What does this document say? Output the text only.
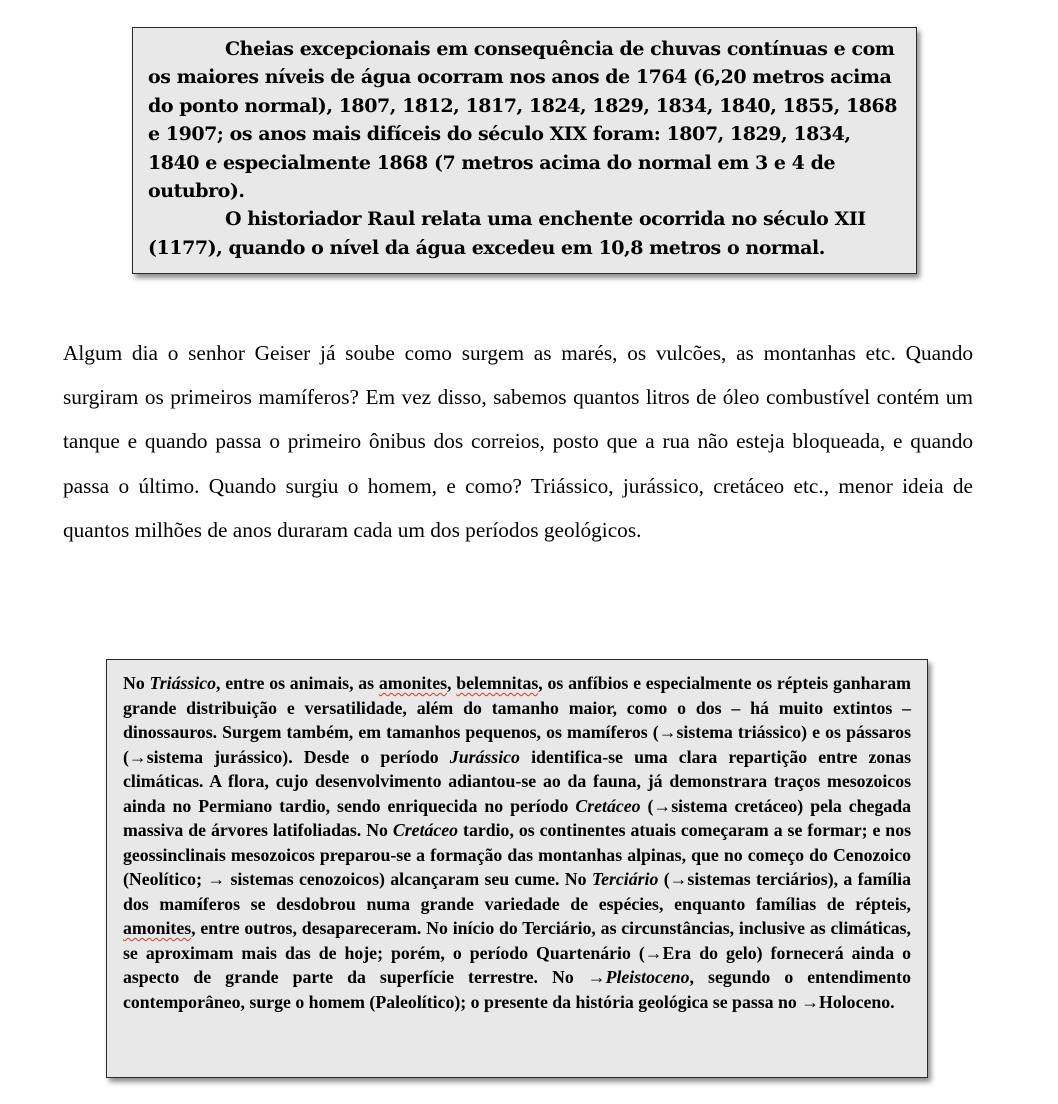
Cheias excepcionais em consequência de chuvas contínuas e com os maiores níveis de água ocorram nos anos de 1764 (6,20 metros acima do ponto normal), 1807, 1812, 1817, 1824, 1829, 1834, 1840, 1855, 1868 e 1907; os anos mais difíceis do século XIX foram: 1807, 1829, 1834, 1840 e especialmente 1868 (7 metros acima do normal em 3 e 4 de outubro).

O historiador Raul relata uma enchente ocorrida no século XII (1177), quando o nível da água excedeu em 10,8 metros o normal.

Algum dia o senhor Geiser já soube como surgem as marés, os vulcões, as montanhas etc. Quando surgiram os primeiros mamíferos? Em vez disso, sabemos quantos litros de óleo combustível contém um tanque e quando passa o primeiro ônibus dos correios, posto que a rua não esteja bloqueada, e quando passa o último. Quando surgiu o homem, e como? Triássico, jurássico, cretáceo etc., menor ideia de quantos milhões de anos duraram cada um dos períodos geológicos.

No Triássico, entre os animais, as amonites, belemnitas, os anfíbios e especialmente os répteis ganharam grande distribuição e versatilidade, além do tamanho maior, como o dos – há muito extintos – dinossauros. Surgem também, em tamanhos pequenos, os mamíferos (→sistema triássico) e os pássaros (→sistema jurássico). Desde o período Jurássico identifica-se uma clara repartição entre zonas climáticas. A flora, cujo desenvolvimento adiantou-se ao da fauna, já demonstrara traços mesozoicos ainda no Permiano tardio, sendo enriquecida no período Cretáceo (→sistema cretáceo) pela chegada massiva de árvores latifoliadas. No Cretáceo tardio, os continentes atuais começaram a se formar; e nos geossinclinais mesozoicos preparou-se a formação das montanhas alpinas, que no começo do Cenozoico (Neolítico; → sistemas cenozoicos) alcançaram seu cume. No Terciário (→sistemas terciários), a família dos mamíferos se desdobrou numa grande variedade de espécies, enquanto famílias de répteis, amonites, entre outros, desapareceram. No início do Terciário, as circunstâncias, inclusive as climáticas, se aproximam mais das de hoje; porém, o período Quartenário (→Era do gelo) fornecerá ainda o aspecto de grande parte da superfície terrestre. No →Pleistoceno, segundo o entendimento contemporâneo, surge o homem (Paleolítico); o presente da história geológica se passa no →Holoceno.
